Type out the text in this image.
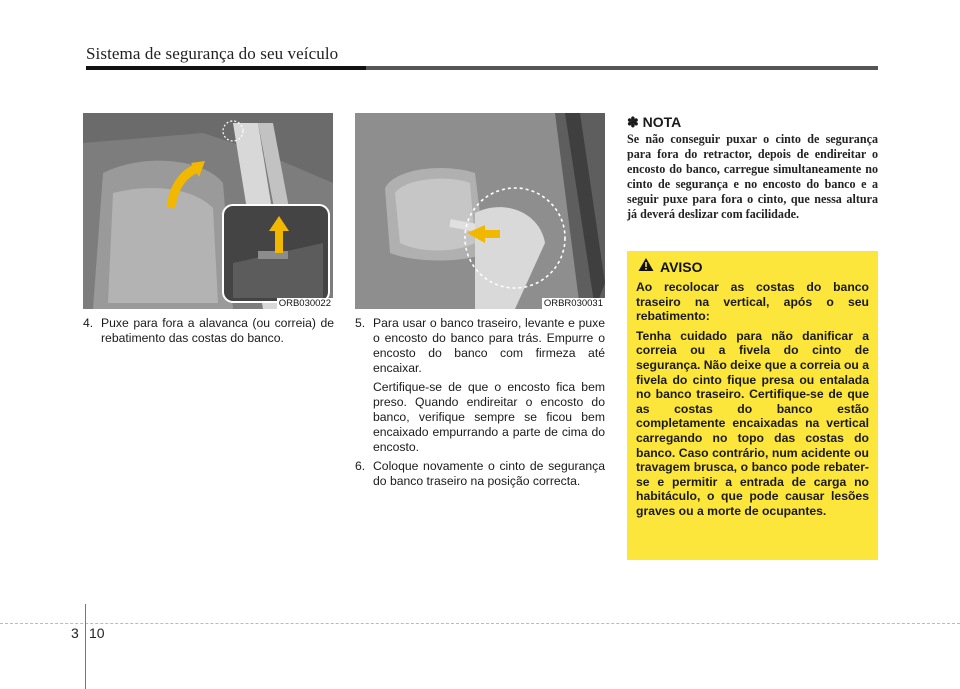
Sistema de segurança do seu veículo
ORB030022	ORBR030031
4. Puxe para fora a alavanca (ou correia) de rebatimento das costas do banco.

5. Para usar o banco traseiro, levante e puxe o encosto do banco para trás. Empurre o encosto do banco com firmeza até encaixar.

Certifique-se de que o encosto fica bem preso. Quando endireitar o encosto do banco, verifique sempre se ficou bem encaixado empurrando a parte de cima do encosto.

6. Coloque novamente o cinto de segurança do banco traseiro na posição correcta.

✽ NOTA
Se não conseguir puxar o cinto de segurança para fora do retractor, depois de endireitar o encosto do banco, carregue simultaneamente no cinto de segurança e no encosto do banco e a seguir puxe para fora o cinto, que nessa altura já deverá deslizar com facilidade.
AVISO

Ao recolocar as costas do banco traseiro na vertical, após o seu rebatimento:

Tenha cuidado para não danificar a correia ou a fivela do cinto de segurança. Não deixe que a correia ou a fivela do cinto fique presa ou entalada no banco traseiro. Certifique-se de que as costas do banco estão completamente encaixadas na vertical carregando no topo das costas do banco. Caso contrário, num acidente ou travagem brusca, o banco pode rebater-se e permitir a entrada de carga no habitáculo, o que pode causar lesões graves ou a morte de ocupantes.

3 10
